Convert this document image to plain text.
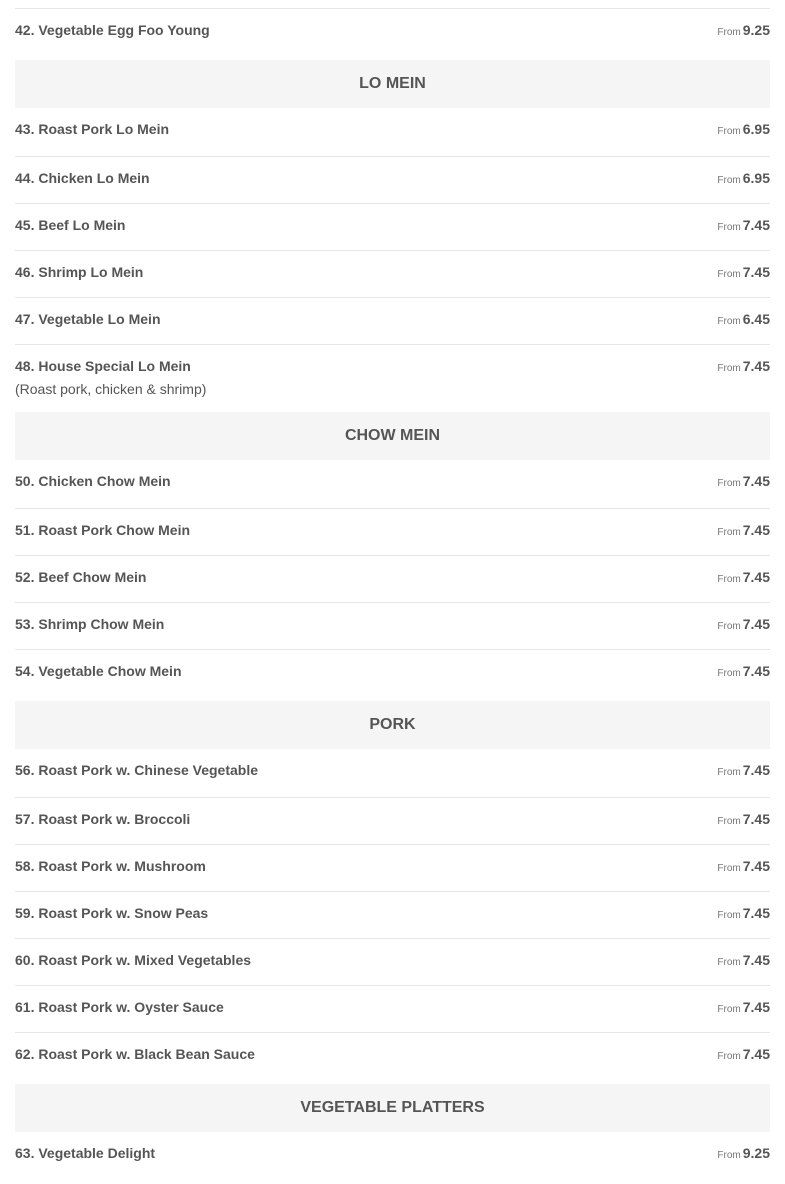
42. Vegetable Egg Foo Young	From 9.25
LO MEIN
43. Roast Pork Lo Mein	From 6.95
44. Chicken Lo Mein	From 6.95
45. Beef Lo Mein	From 7.45
46. Shrimp Lo Mein	From 7.45
47. Vegetable Lo Mein	From 6.45
48. House Special Lo Mein
(Roast pork, chicken & shrimp)
From 7.45
CHOW MEIN
50. Chicken Chow Mein	From 7.45
51. Roast Pork Chow Mein	From 7.45
52. Beef Chow Mein	From 7.45
53. Shrimp Chow Mein	From 7.45
54. Vegetable Chow Mein	From 7.45
PORK
56. Roast Pork w. Chinese Vegetable	From 7.45
57. Roast Pork w. Broccoli	From 7.45
58. Roast Pork w. Mushroom	From 7.45
59. Roast Pork w. Snow Peas	From 7.45
60. Roast Pork w. Mixed Vegetables	From 7.45
61. Roast Pork w. Oyster Sauce	From 7.45
62. Roast Pork w. Black Bean Sauce	From 7.45
VEGETABLE PLATTERS
63. Vegetable Delight	From 9.25
